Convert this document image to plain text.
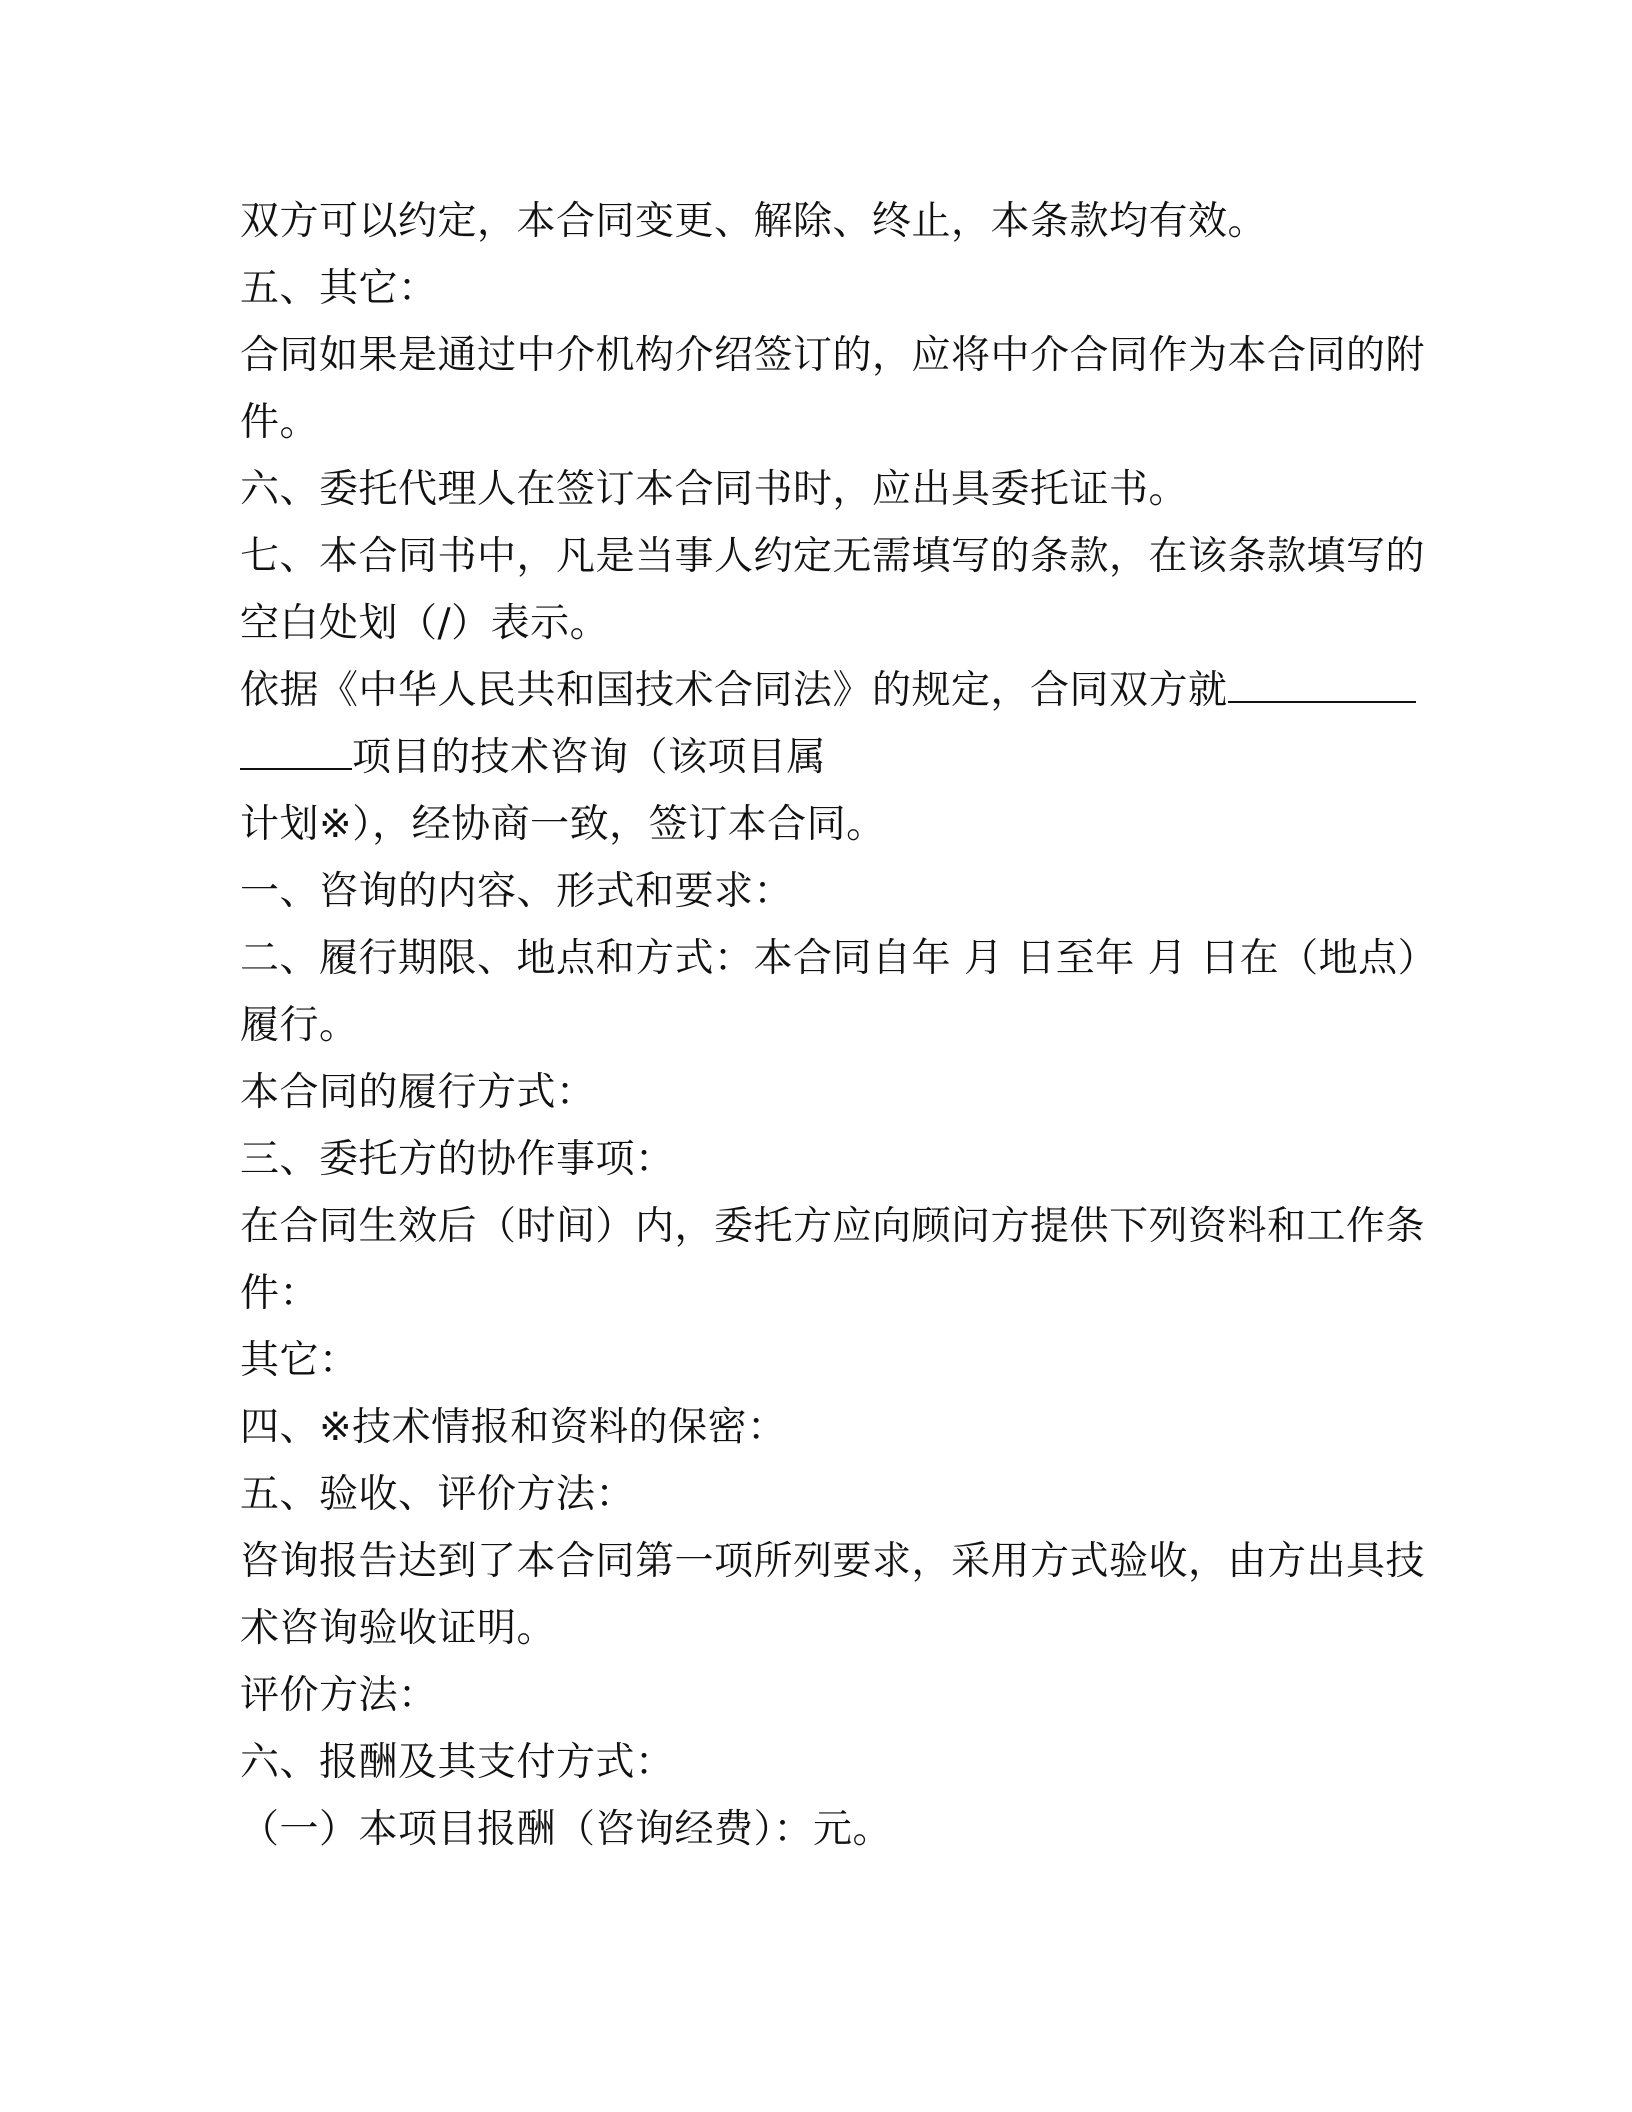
双方可以约定，本合同变更、解除、终止，本条款均有效。
五、其它：
合同如果是通过中介机构介绍签订的，应将中介合同作为本合同的附
件。
六、委托代理人在签订本合同书时，应出具委托证书。
七、本合同书中，凡是当事人约定无需填写的条款，在该条款填写的
空白处划（/）表示。
依据《中华人民共和国技术合同法》的规定，合同双方就
项目的技术咨询（该项目属
计划※），经协商一致，签订本合同。
一、咨询的内容、形式和要求：
二、履行期限、地点和方式：本合同自年 月 日至年 月 日在（地点）
履行。
本合同的履行方式：
三、委托方的协作事项：
在合同生效后（时间）内，委托方应向顾问方提供下列资料和工作条
件：
其它：
四、※技术情报和资料的保密：
五、验收、评价方法：
咨询报告达到了本合同第一项所列要求，采用方式验收，由方出具技
术咨询验收证明。
评价方法：
六、报酬及其支付方式：
（一）本项目报酬（咨询经费）：元。
